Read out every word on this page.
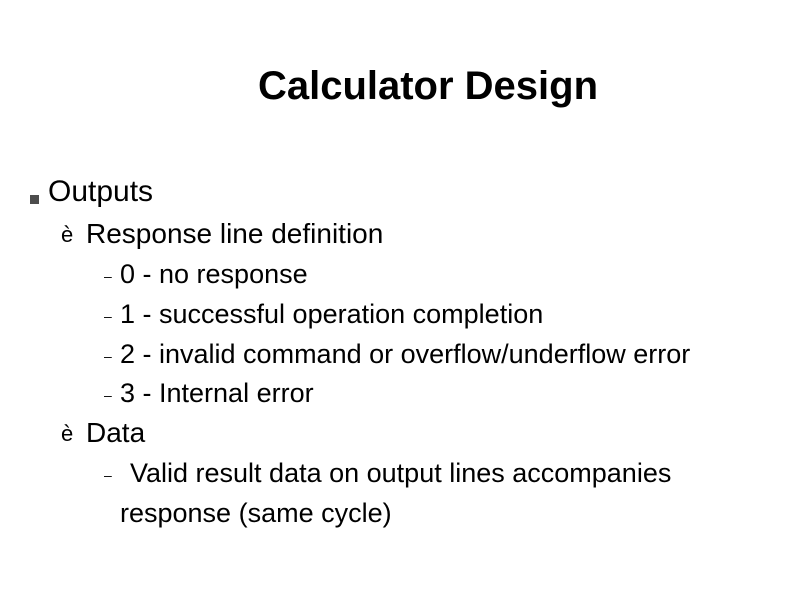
Calculator Design
Outputs
è Response line definition
– 0 - no response
– 1 - successful operation completion
– 2 - invalid command or overflow/underflow error
– 3 - Internal error
è Data
– Valid result data on output lines accompanies
response (same cycle)
